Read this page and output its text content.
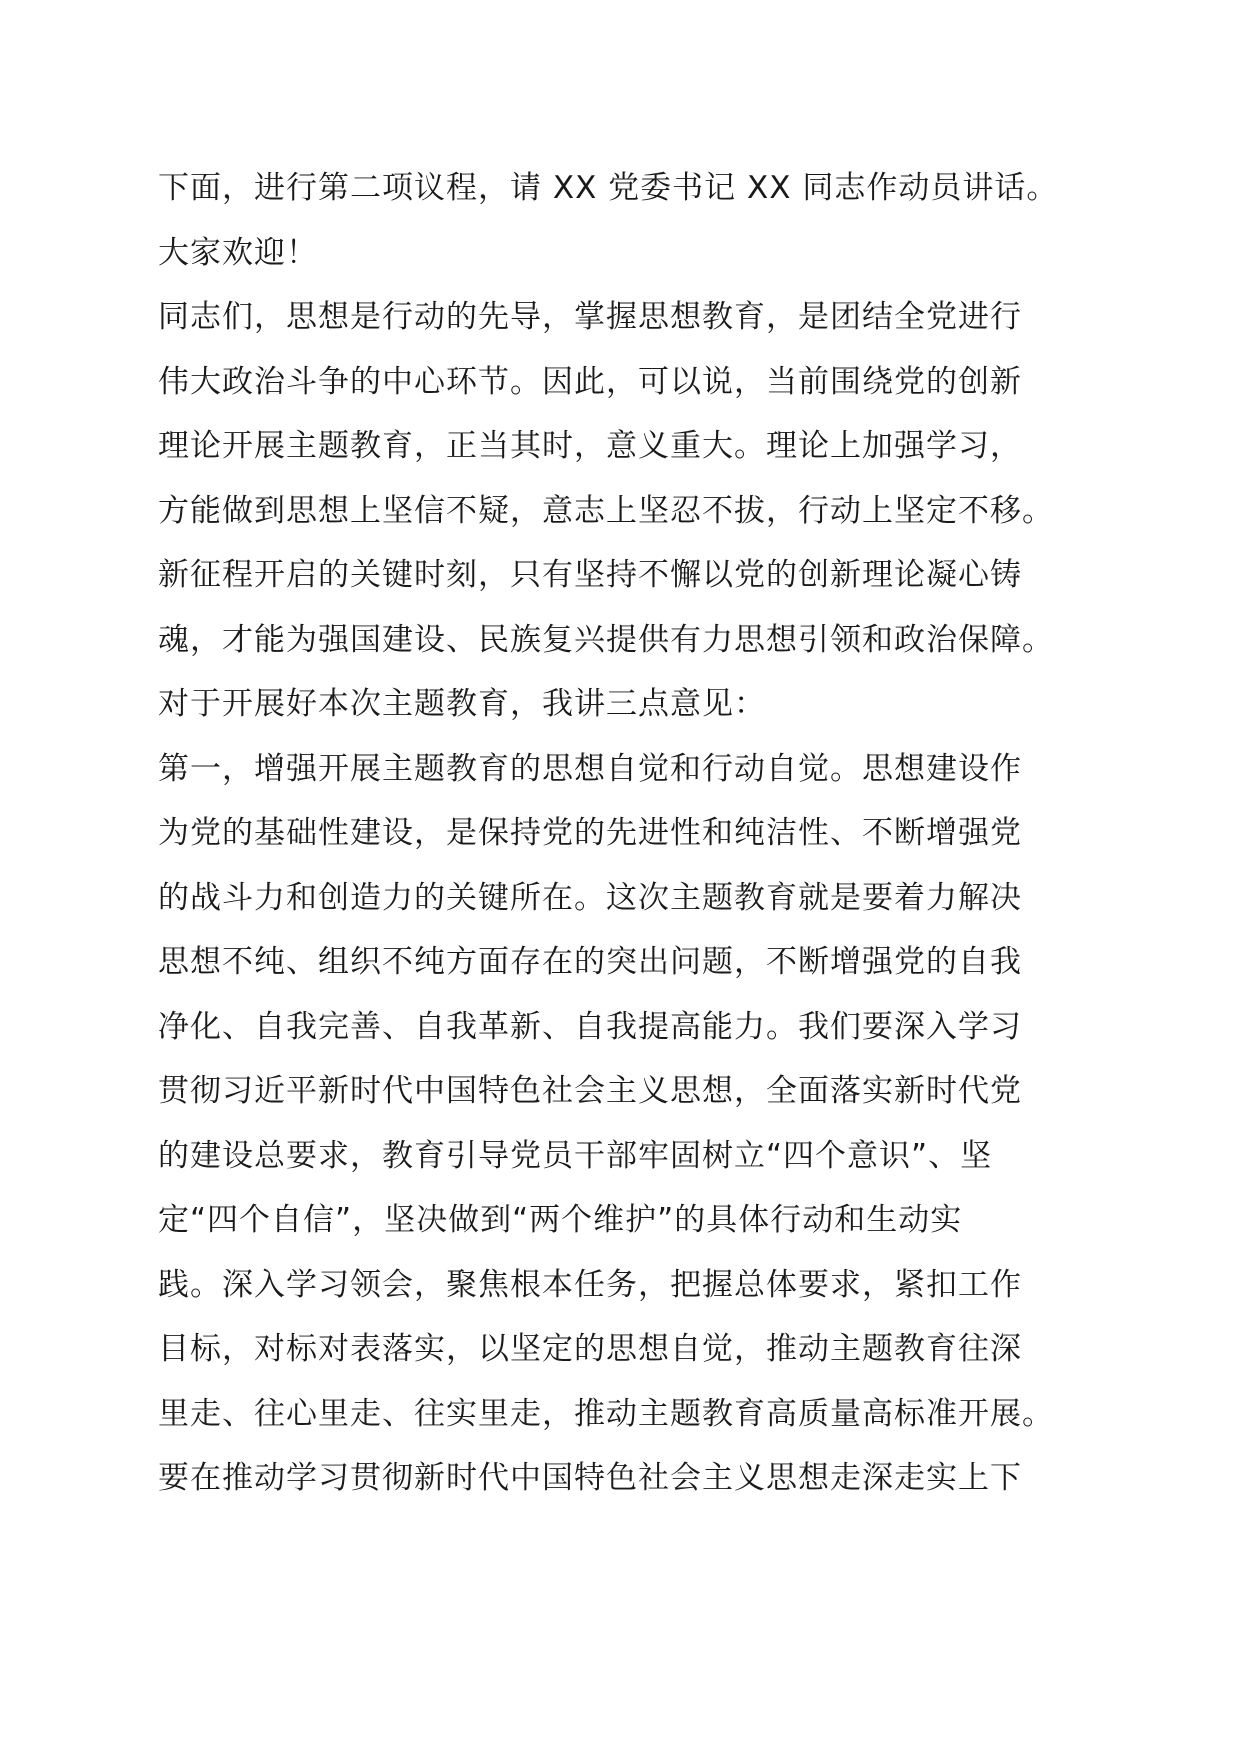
下面，进行第二项议程，请 XX 党委书记 XX 同志作动员讲话。
大家欢迎！
同志们，思想是行动的先导，掌握思想教育，是团结全党进行
伟大政治斗争的中心环节。因此，可以说，当前围绕党的创新
理论开展主题教育，正当其时，意义重大。理论上加强学习，
方能做到思想上坚信不疑，意志上坚忍不拔，行动上坚定不移。
新征程开启的关键时刻，只有坚持不懈以党的创新理论凝心铸
魂，才能为强国建设、民族复兴提供有力思想引领和政治保障。
对于开展好本次主题教育，我讲三点意见：
第一，增强开展主题教育的思想自觉和行动自觉。思想建设作
为党的基础性建设，是保持党的先进性和纯洁性、不断增强党
的战斗力和创造力的关键所在。这次主题教育就是要着力解决
思想不纯、组织不纯方面存在的突出问题，不断增强党的自我
净化、自我完善、自我革新、自我提高能力。我们要深入学习
贯彻习近平新时代中国特色社会主义思想，全面落实新时代党
的建设总要求，教育引导党员干部牢固树立“四个意识”、坚
定“四个自信”，坚决做到“两个维护”的具体行动和生动实
践。深入学习领会，聚焦根本任务，把握总体要求，紧扣工作
目标，对标对表落实，以坚定的思想自觉，推动主题教育往深
里走、往心里走、往实里走，推动主题教育高质量高标准开展。
要在推动学习贯彻新时代中国特色社会主义思想走深走实上下
